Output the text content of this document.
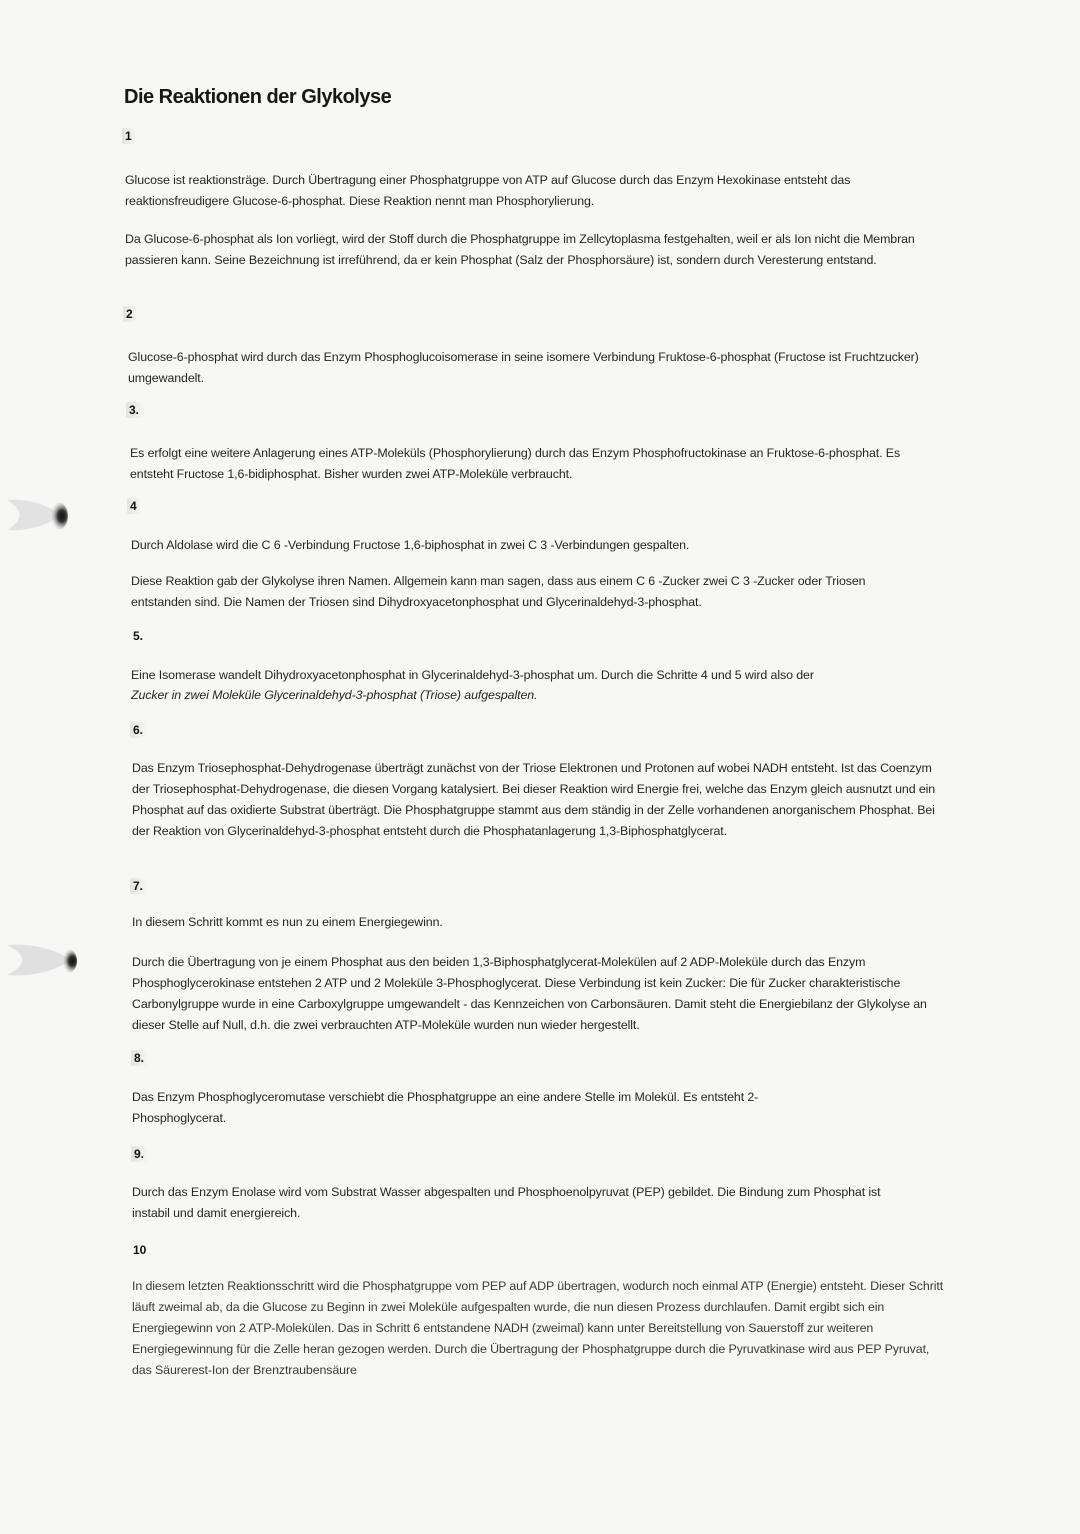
Die Reaktionen der Glykolyse
1
Glucose ist reaktionsträge. Durch Übertragung einer Phosphatgruppe von ATP auf Glucose durch das Enzym Hexokinase entsteht das reaktionsfreudigere Glucose-6-phosphat. Diese Reaktion nennt man Phosphorylierung.
Da Glucose-6-phosphat als Ion vorliegt, wird der Stoff durch die Phosphatgruppe im Zellcytoplasma festgehalten, weil er als Ion nicht die Membran passieren kann. Seine Bezeichnung ist irreführend, da er kein Phosphat (Salz der Phosphorsäure) ist, sondern durch Veresterung entstand.
2
Glucose-6-phosphat wird durch das Enzym Phosphoglucoisomerase in seine isomere Verbindung Fruktose-6-phosphat (Fructose ist Fruchtzucker) umgewandelt.
3.
Es erfolgt eine weitere Anlagerung eines ATP-Moleküls (Phosphorylierung) durch das Enzym Phosphofructokinase an Fruktose-6-phosphat. Es entsteht Fructose 1,6-bidiphosphat. Bisher wurden zwei ATP-Moleküle verbraucht.
4
Durch Aldolase wird die C 6 -Verbindung Fructose 1,6-biphosphat in zwei C 3 -Verbindungen gespalten.
Diese Reaktion gab der Glykolyse ihren Namen. Allgemein kann man sagen, dass aus einem C 6 -Zucker zwei C 3 -Zucker oder Triosen entstanden sind. Die Namen der Triosen sind Dihydroxyacetonphosphat und Glycerinaldehyd-3-phosphat.
5.
Eine Isomerase wandelt Dihydroxyacetonphosphat in Glycerinaldehyd-3-phosphat um. Durch die Schritte 4 und 5 wird also der
Zucker in zwei Moleküle Glycerinaldehyd-3-phosphat (Triose) aufgespalten.
6.
Das Enzym Triosephosphat-Dehydrogenase überträgt zunächst von der Triose Elektronen und Protonen auf wobei NADH entsteht. Ist das Coenzym der Triosephosphat-Dehydrogenase, die diesen Vorgang katalysiert. Bei dieser Reaktion wird Energie frei, welche das Enzym gleich ausnutzt und ein Phosphat auf das oxidierte Substrat überträgt. Die Phosphatgruppe stammt aus dem ständig in der Zelle vorhandenen anorganischem Phosphat. Bei der Reaktion von Glycerinaldehyd-3-phosphat entsteht durch die Phosphatanlagerung 1,3-Biphosphatglycerat.
7.
In diesem Schritt kommt es nun zu einem Energiegewinn.
Durch die Übertragung von je einem Phosphat aus den beiden 1,3-Biphosphatglycerat-Molekülen auf 2 ADP-Moleküle durch das Enzym Phosphoglycerokinase entstehen 2 ATP und 2 Moleküle 3-Phosphoglycerat. Diese Verbindung ist kein Zucker: Die für Zucker charakteristische Carbonylgruppe wurde in eine Carboxylgruppe umgewandelt - das Kennzeichen von Carbonsäuren. Damit steht die Energiebilanz der Glykolyse an dieser Stelle auf Null, d.h. die zwei verbrauchten ATP-Moleküle wurden nun wieder hergestellt.
8.
Das Enzym Phosphoglyceromutase verschiebt die Phosphatgruppe an eine andere Stelle im Molekül. Es entsteht 2-Phosphoglycerat.
9.
Durch das Enzym Enolase wird vom Substrat Wasser abgespalten und Phosphoenolpyruvat (PEP) gebildet. Die Bindung zum Phosphat ist instabil und damit energiereich.
10
In diesem letzten Reaktionsschritt wird die Phosphatgruppe vom PEP auf ADP übertragen, wodurch noch einmal ATP (Energie) entsteht. Dieser Schritt läuft zweimal ab, da die Glucose zu Beginn in zwei Moleküle aufgespalten wurde, die nun diesen Prozess durchlaufen. Damit ergibt sich ein Energiegewinn von 2 ATP-Molekülen. Das in Schritt 6 entstandene NADH (zweimal) kann unter Bereitstellung von Sauerstoff zur weiteren Energiegewinnung für die Zelle heran gezogen werden. Durch die Übertragung der Phosphatgruppe durch die Pyruvatkinase wird aus PEP Pyruvat, das Säurerest-Ion der Brenztraubensäure
